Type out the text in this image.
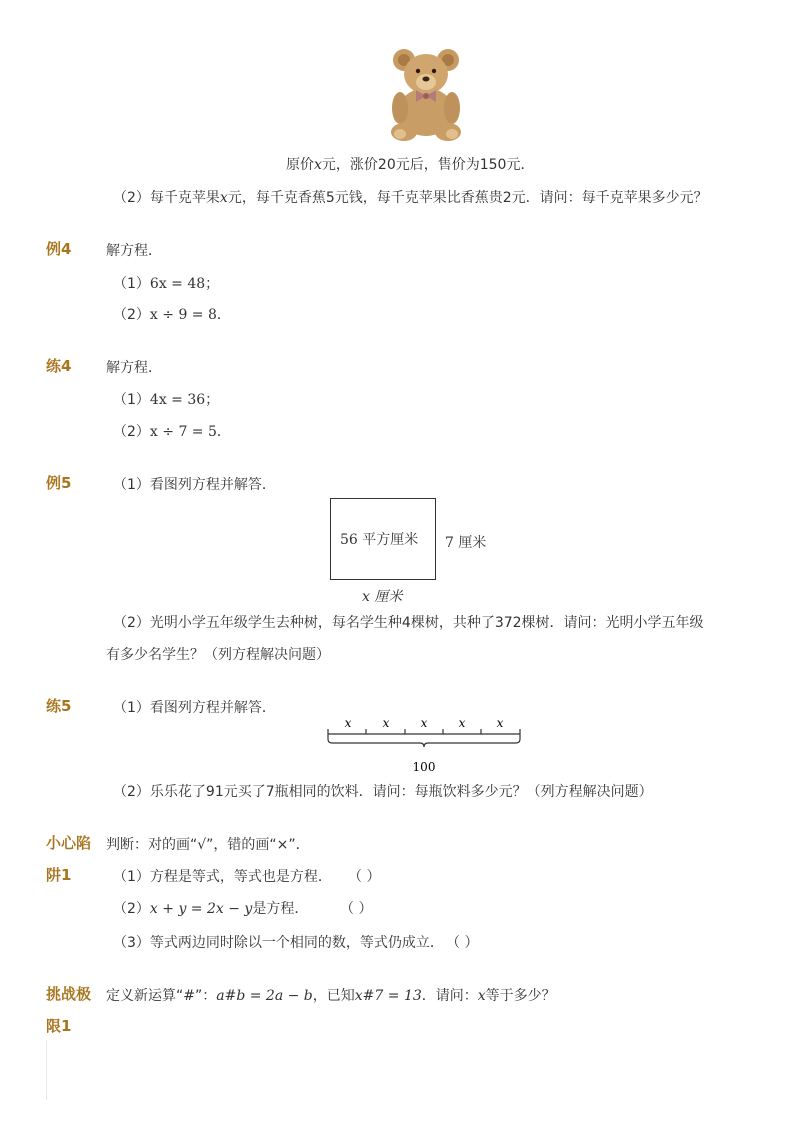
原价x元，涨价20元后，售价为150元．
（2）每千克苹果x元，每千克香蕉5元钱，每千克苹果比香蕉贵2元．请问：每千克苹果多少元？
例4 解方程．
（1）6x = 48；
（2）x ÷ 9 = 8．
练4 解方程．
（1）4x = 36；
（2）x ÷ 7 = 5．
例5	（1）看图列方程并解答．
56 平方厘米 7 厘米
x 厘米
（2）光明小学五年级学生去种树，每名学生种4棵树，共种了372棵树．请问：光明小学五年级
有多少名学生？（列方程解决问题）
练5	（1）看图列方程并解答．
x	x	x	x	x
100
（2）乐乐花了91元买了7瓶相同的饮料．请问：每瓶饮料多少元？（列方程解决问题）
小心陷
阱1
判断：对的画“√”，错的画“×”．
（1）方程是等式，等式也是方程． （ ）
（2）x + y = 2x − y是方程． （ ）
（3）等式两边同时除以一个相同的数，等式仍成立． （ ）
挑战极
限1
定义新运算“#”：a#b = 2a − b，已知x#7 = 13．请问：x等于多少？
